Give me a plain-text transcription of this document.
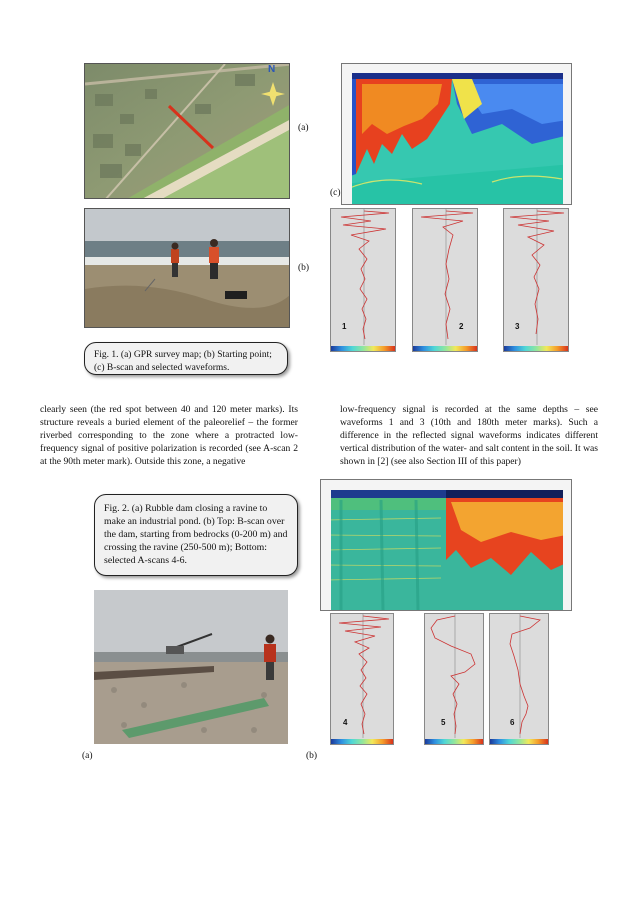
N
(a)
(b)
Fig. 1. (a) GPR survey map; (b) Starting point; (c) B-scan and selected waveforms.
(c)
1	2	3
clearly seen (the red spot between 40 and 120 meter marks). Its structure reveals a buried element of the paleorelief – the former riverbed corresponding to the zone where a protracted low-frequency signal of positive polarization is recorded (see A-scan 2 at the 90th meter mark). Outside this zone, a negative
low-frequency signal is recorded at the same depths – see waveforms 1 and 3 (10th and 180th meter marks). Such a difference in the reflected signal waveforms indicates different vertical distribution of the water- and salt content in the soil. It was shown in [2] (see also Section III of this paper)
Fig. 2. (a) Rubble dam closing a ravine to make an industrial pond. (b) Top: B-scan over the dam, starting from bedrocks (0-200 m) and crossing the ravine (250-500 m); Bottom: selected A-scans 4-6.
(a)
4	5	6
(b)
